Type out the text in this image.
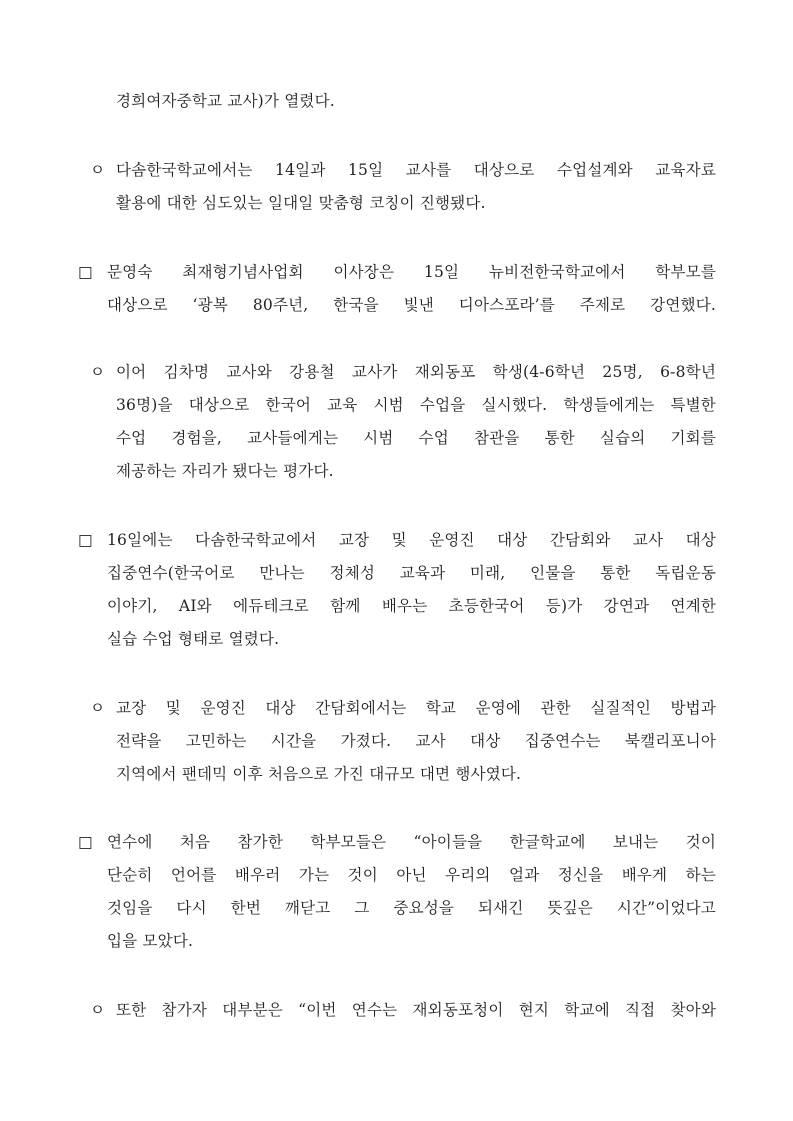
경희여자중학교 교사)가 열렸다.
ㅇ 다솜한국학교에서는 14일과 15일 교사를 대상으로 수업설계와 교육자료
활용에 대한 심도있는 일대일 맞춤형 코칭이 진행됐다.
□ 문영숙 최재형기념사업회 이사장은 15일 뉴비전한국학교에서 학부모를
대상으로 ‘광복 80주년, 한국을 빛낸 디아스포라’를 주제로 강연했다.
ㅇ 이어 김차명 교사와 강용철 교사가 재외동포 학생(4-6학년 25명, 6-8학년
36명)을 대상으로 한국어 교육 시범 수업을 실시했다. 학생들에게는 특별한
수업 경험을, 교사들에게는 시범 수업 참관을 통한 실습의 기회를
제공하는 자리가 됐다는 평가다.
□ 16일에는 다솜한국학교에서 교장 및 운영진 대상 간담회와 교사 대상
집중연수(한국어로 만나는 정체성 교육과 미래, 인물을 통한 독립운동
이야기, AI와 에듀테크로 함께 배우는 초등한국어 등)가 강연과 연계한
실습 수업 형태로 열렸다.
ㅇ 교장 및 운영진 대상 간담회에서는 학교 운영에 관한 실질적인 방법과
전략을 고민하는 시간을 가졌다. 교사 대상 집중연수는 북캘리포니아
지역에서 팬데믹 이후 처음으로 가진 대규모 대면 행사였다.
□ 연수에 처음 참가한 학부모들은 “아이들을 한글학교에 보내는 것이
단순히 언어를 배우러 가는 것이 아닌 우리의 얼과 정신을 배우게 하는
것임을 다시 한번 깨닫고 그 중요성을 되새긴 뜻깊은 시간”이었다고
입을 모았다.
ㅇ 또한 참가자 대부분은 “이번 연수는 재외동포청이 현지 학교에 직접 찾아와
